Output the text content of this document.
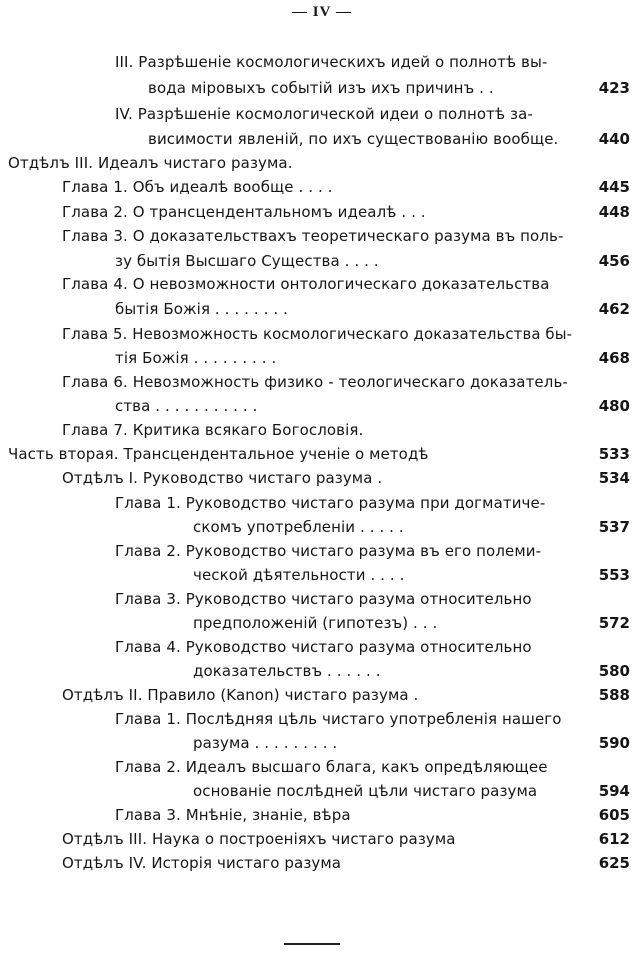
— IV —
III. Разрѣшеніе космологическихъ идей о полнотѣ вы-
вода міровыхъ событій изъ ихъ причинъ . .	423
IV. Разрѣшеніе космологической идеи о полнотѣ за-
висимости явленій, по ихъ существованію вообще.	440
Отдѣлъ III. Идеалъ чистаго разума.
Глава 1. Объ идеалѣ вообще . . . .	445
Глава 2. О трансцендентальномъ идеалѣ . . .	448
Глава 3. О доказательствахъ теоретическаго разума въ поль-
зу бытія Высшаго Существа . . . .	456
Глава 4. О невозможности онтологическаго доказательства
бытія Божія . . . . . . . .	462
Глава 5. Невозможность космологическаго доказательства бы-
тія Божія . . . . . . . . .	468
Глава 6. Невозможность физико - теологическаго доказатель-
ства . . . . . . . . . . .	480
Глава 7. Критика всякаго Богословія.
Часть вторая. Трансцендентальное ученіе о методѣ	533
Отдѣлъ I. Руководство чистаго разума .	534
Глава 1. Руководство чистаго разума при догматиче-
скомъ употребленіи . . . . .	537
Глава 2. Руководство чистаго разума въ его полеми-
ческой дѣятельности . . . .	553
Глава 3. Руководство чистаго разума относительно
предположеній (гипотезъ) . . .	572
Глава 4. Руководство чистаго разума относительно
доказательствъ . . . . . .	580
Отдѣлъ II. Правило (Kanon) чистаго разума .	588
Глава 1. Послѣдняя цѣль чистаго употребленія нашего
разума . . . . . . . . .	590
Глава 2. Идеалъ высшаго блага, какъ опредѣляющее
основаніе послѣдней цѣли чистаго разума	594
Глава 3. Мнѣніе, знаніе, вѣра	605
Отдѣлъ III. Наука о построеніяхъ чистаго разума	612
Отдѣлъ IV. Исторія чистаго разума	625
